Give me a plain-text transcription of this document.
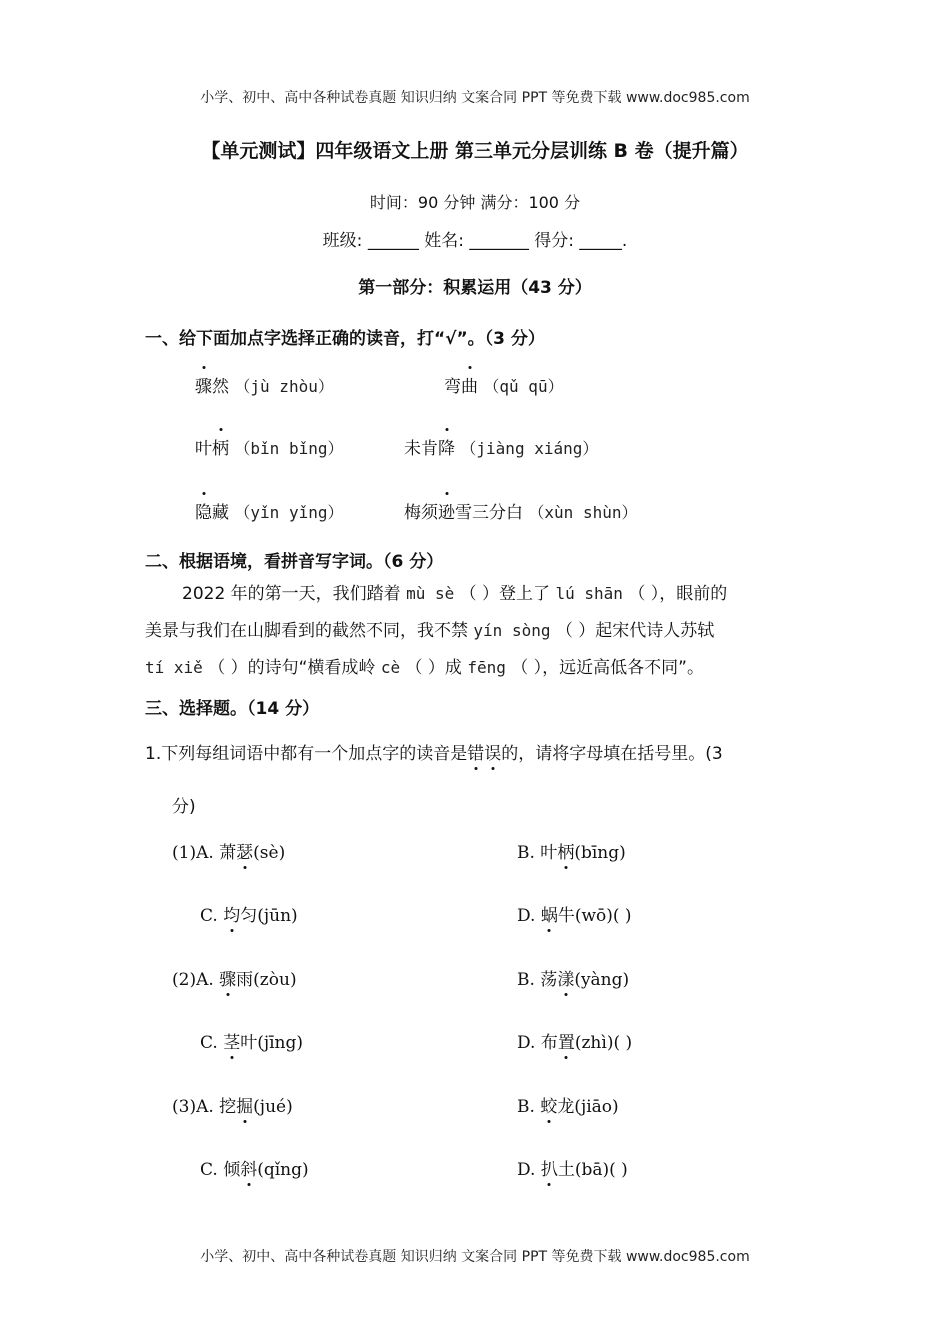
小学、初中、高中各种试卷真题 知识归纳 文案合同 PPT 等免费下载 www.doc985.com
【单元测试】四年级语文上册 第三单元分层训练 B 卷（提升篇）
时间：90 分钟 满分：100 分
班级: ______ 姓名: _______ 得分: _____.
第一部分：积累运用（43 分）
一、给下面加点字选择正确的读音，打“√”。（3 分）
骤然 （jù zhòu）	弯曲 （qǔ qū）
叶柄 （bǐn bǐng）	未肯降 （jiàng xiáng）
隐藏 （yǐn yǐng）	梅须逊雪三分白 （xùn shùn）
二、根据语境，看拼音写字词。（6 分）
2022 年的第一天，我们踏着 mù sè （ ）登上了 lú shān （ ），眼前的
美景与我们在山脚看到的截然不同，我不禁 yín sòng （ ）起宋代诗人苏轼
tí xiě （ ）的诗句“横看成岭 cè （ ）成 fēng （ ），远近高低各不同”。
三、选择题。（14 分）
1.下列每组词语中都有一个加点字的读音是错误的，请将字母填在括号里。(3
分)
(1)A. 萧瑟(sè)	B. 叶柄(bīng)
C. 均匀(jūn)	D. 蜗牛(wō)( )
(2)A. 骤雨(zòu)	B. 荡漾(yàng)
C. 茎叶(jīng)	D. 布置(zhì)( )
(3)A. 挖掘(jué)	B. 蛟龙(jiāo)
C. 倾斜(qǐng)	D. 扒土(bā)( )
小学、初中、高中各种试卷真题 知识归纳 文案合同 PPT 等免费下载 www.doc985.com
